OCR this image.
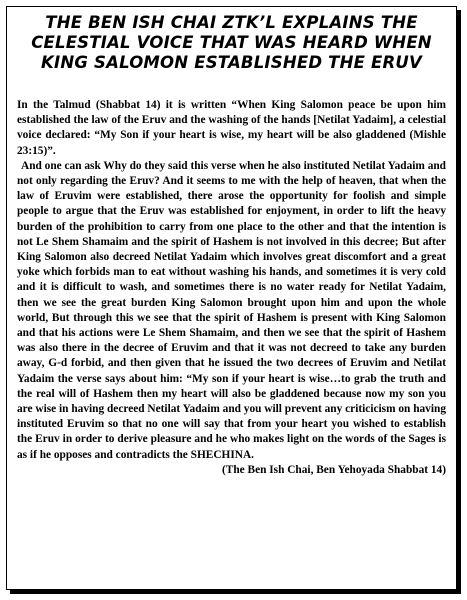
THE BEN ISH CHAI ZTK’L EXPLAINS THE
CELESTIAL VOICE THAT WAS HEARD WHEN
KING SALOMON ESTABLISHED THE ERUV

In the Talmud (Shabbat 14) it is written “When King Salomon peace be upon him established the law of the Eruv and the washing of the hands [Netilat Yadaim], a celestial voice declared: “My Son if your heart is wise, my heart will be also gladdened (Mishle 23:15)”.

And one can ask Why do they said this verse when he also instituted Netilat Yadaim and not only regarding the Eruv? And it seems to me with the help of heaven, that when the law of Eruvim were established, there arose the opportunity for foolish and simple people to argue that the Eruv was established for enjoyment, in order to lift the heavy burden of the prohibition to carry from one place to the other and that the intention is not Le Shem Shamaim and the spirit of Hashem is not involved in this decree; But after King Salomon also decreed Netilat Yadaim which involves great discomfort and a great yoke which forbids man to eat without washing his hands, and sometimes it is very cold and it is difficult to wash, and sometimes there is no water ready for Netilat Yadaim, then we see the great burden King Salomon brought upon him and upon the whole world, But through this we see that the spirit of Hashem is present with King Salomon and that his actions were Le Shem Shamaim, and then we see that the spirit of Hashem was also there in the decree of Eruvim and that it was not decreed to take any burden away, G-d forbid, and then given that he issued the two decrees of Eruvim and Netilat Yadaim the verse says about him: “My son if your heart is wise…to grab the truth and the real will of Hashem then my heart will also be gladdened because now my son you are wise in having decreed Netilat Yadaim and you will prevent any criticicism on having instituted Eruvim so that no one will say that from your heart you wished to establish the Eruv in order to derive pleasure and he who makes light on the words of the Sages is as if he opposes and contradicts the SHECHINA.

(The Ben Ish Chai, Ben Yehoyada Shabbat 14)
